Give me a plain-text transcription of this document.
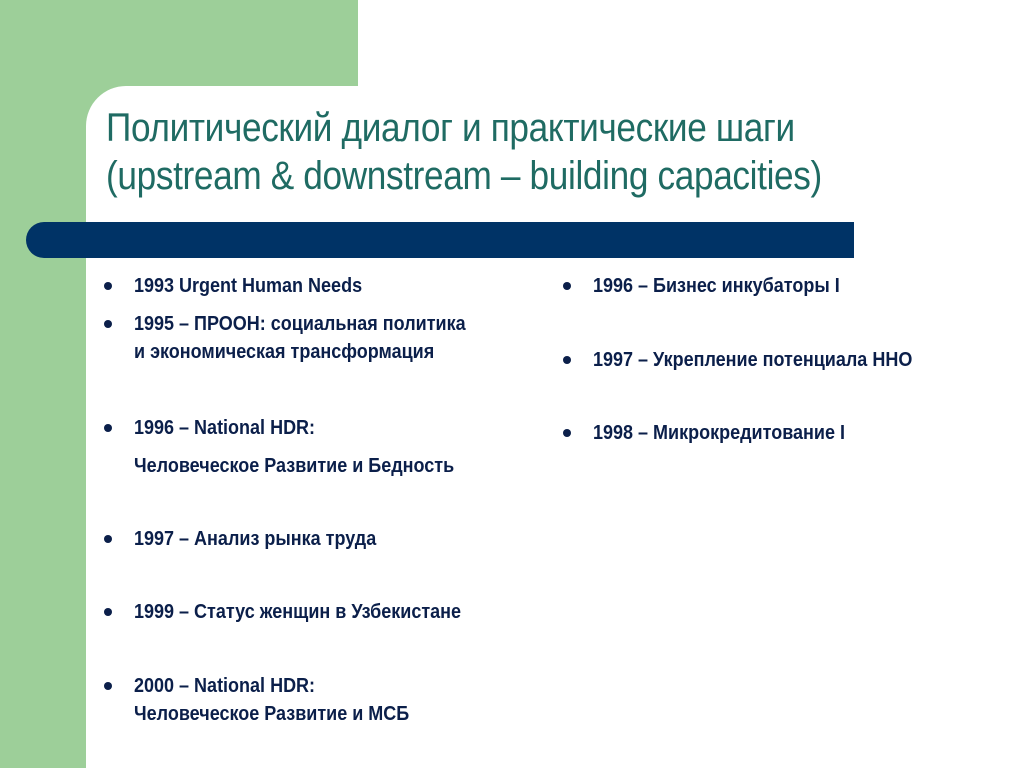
Политический диалог и практические шаги
(upstream & downstream – building capacities)
1993 Urgent Human Needs
1995 – ПРООН: социальная политика
и экономическая трансформация
1996 – National HDR:
Человеческое Развитие и Бедность
1997 – Анализ рынка труда
1999 – Статус женщин в Узбекистане
2000 – National HDR:
Человеческое Развитие и МСБ
1996 – Бизнес инкубаторы I
1997 – Укрепление потенциала ННО
1998 – Микрокредитование I
